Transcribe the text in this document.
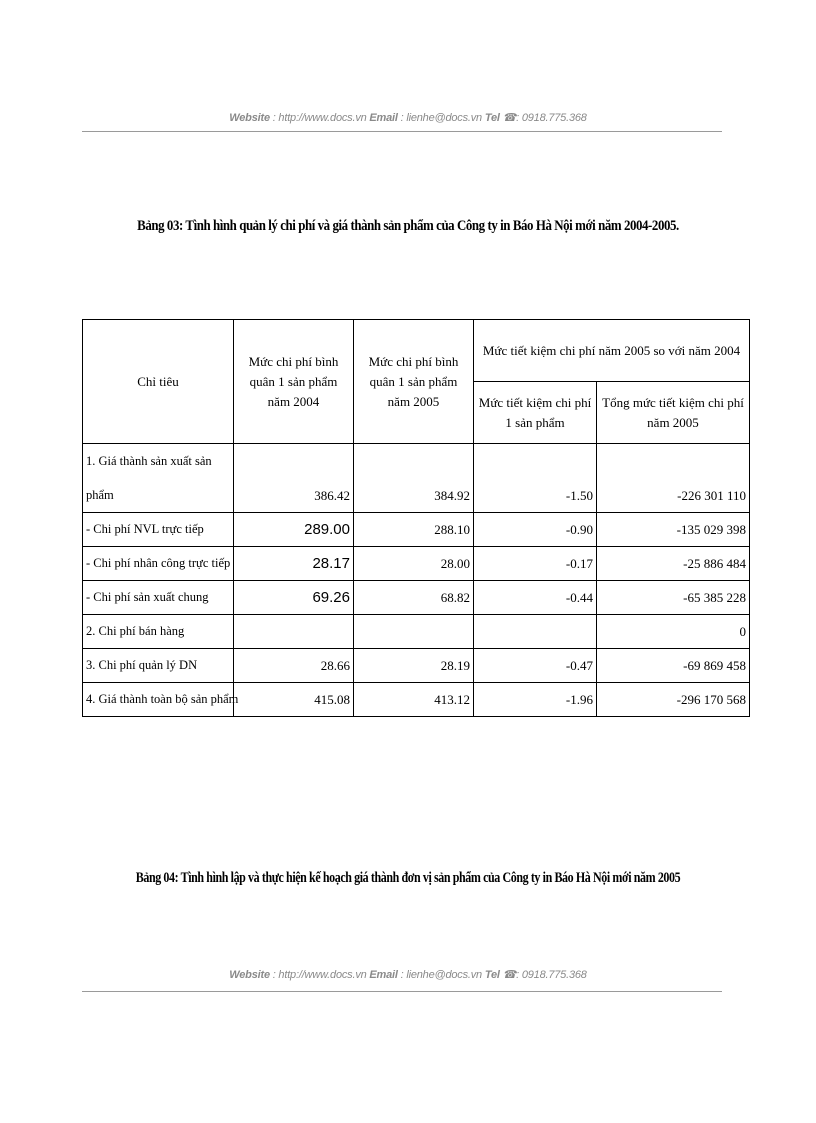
Website : http://www.docs.vn Email : lienhe@docs.vn Tel ☎: 0918.775.368
Bảng 03: Tình hình quản lý chi phí và giá thành sản phẩm của Công ty in Báo Hà Nội mới năm 2004-2005.
Chỉ tiêu	Mức chi phí bình quân 1 sản phẩm năm 2004	Mức chi phí bình quân 1 sản phẩm năm 2005	Mức tiết kiệm chi phí năm 2005 so với năm 2004	
			Mức tiết kiệm chi phí 1 sản phẩm	Tổng mức tiết kiệm chi phí năm 2005
1. Giá thành sản xuất sản phẩm	386.42	384.92	-1.50	-226 301 110
- Chi phí NVL trực tiếp	289.00	288.10	-0.90	-135 029 398
- Chi phí nhân công trực tiếp	28.17	28.00	-0.17	-25 886 484
- Chi phí sản xuất chung	69.26	68.82	-0.44	-65 385 228
2. Chi phí bán hàng				0
3. Chi phí quản lý DN	28.66	28.19	-0.47	-69 869 458
4. Giá thành toàn bộ sản phẩm	415.08	413.12	-1.96	-296 170 568
Bảng 04: Tình hình lập và thực hiện kế hoạch giá thành đơn vị sản phẩm của Công ty in Báo Hà Nội mới năm 2005
Website : http://www.docs.vn Email : lienhe@docs.vn Tel ☎: 0918.775.368
